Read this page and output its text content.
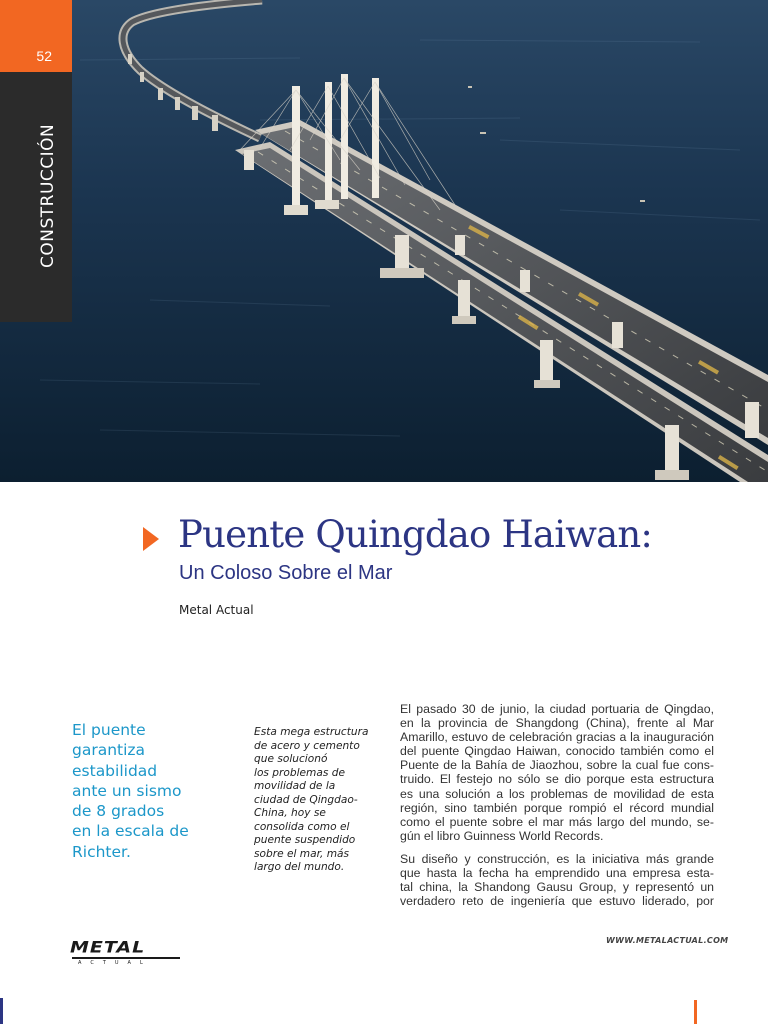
52
CONSTRUCCIÓN
Puente Quingdao Haiwan:
Un Coloso Sobre el Mar
Metal Actual
El puente
garantiza
estabilidad
ante un sismo
de 8 grados
en la escala de
Richter.
Esta mega estructura
de acero y cemento
que solucionó
los problemas de
movilidad de la
ciudad de Qingdao-
China, hoy se
consolida como el
puente suspendido
sobre el mar, más
largo del mundo.
El pasado 30 de junio, la ciudad portuaria de Qingdao,
en la provincia de Shangdong (China), frente al Mar
Amarillo, estuvo de celebración gracias a la inauguración
del puente Qingdao Haiwan, conocido también como el
Puente de la Bahía de Jiaozhou, sobre la cual fue cons-
truido. El festejo no sólo se dio porque esta estructura
es una solución a los problemas de movilidad de esta
región, sino también porque rompió el récord mundial
como el puente sobre el mar más largo del mundo, se-
gún el libro Guinness World Records.
Su diseño y construcción, es la iniciativa más grande
que hasta la fecha ha emprendido una empresa esta-
tal china, la Shandong Gausu Group, y representó un
verdadero reto de ingeniería que estuvo liderado, por
METAL
ACTUAL
WWW.METALACTUAL.COM
